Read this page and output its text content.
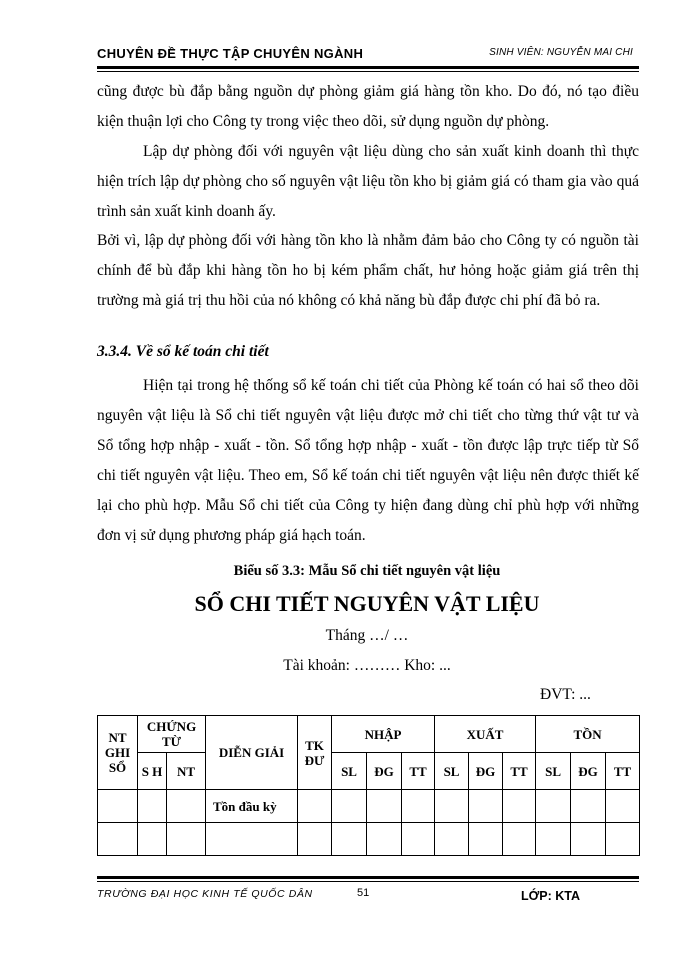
CHUYÊN ĐỀ THỰC TẬP CHUYÊN NGÀNH	SINH VIÊN: NGUYỄN MAI CHI

cũng được bù đắp bằng nguồn dự phòng giảm giá hàng tồn kho. Do đó, nó tạo điều kiện thuận lợi cho Công ty trong việc theo dõi, sử dụng nguồn dự phòng.

Lập dự phòng đối với nguyên vật liệu dùng cho sản xuất kinh doanh thì thực hiện trích lập dự phòng cho số nguyên vật liệu tồn kho bị giảm giá có tham gia vào quá trình sản xuất kinh doanh ấy.

Bởi vì, lập dự phòng đối với hàng tồn kho là nhằm đảm bảo cho Công ty có nguồn tài chính để bù đắp khi hàng tồn ho bị kém phẩm chất, hư hỏng hoặc giảm giá trên thị trường mà giá trị thu hồi của nó không có khả năng bù đắp được chi phí đã bỏ ra.

3.3.4. Về sổ kế toán chi tiết

Hiện tại trong hệ thống sổ kế toán chi tiết của Phòng kế toán có hai sổ theo dõi nguyên vật liệu là Sổ chi tiết nguyên vật liệu được mở chi tiết cho từng thứ vật tư và Sổ tổng hợp nhập - xuất - tồn. Sổ tổng hợp nhập - xuất - tồn được lập trực tiếp từ Sổ chi tiết nguyên vật liệu. Theo em, Sổ kế toán chi tiết nguyên vật liệu nên được thiết kế lại cho phù hợp. Mẫu Sổ chi tiết của Công ty hiện đang dùng chỉ phù hợp với những đơn vị sử dụng phương pháp giá hạch toán.

Biểu số 3.3: Mẫu Sổ chi tiết nguyên vật liệu

SỔ CHI TIẾT NGUYÊN VẬT LIỆU

Tháng …/ …

Tài khoản: ……… Kho: ...

ĐVT: ...

NT GHI SỔ	CHỨNG TỪ		DIỄN GIẢI	TK ĐƯ	NHẬP			XUẤT			TỒN		
	S H	NT			SL	ĐG	TT	SL	ĐG	TT	SL	ĐG	TT
			Tồn đầu kỳ										

TRƯỜNG ĐẠI HỌC KINH TẾ QUỐC DÂN	51	LỚP: KTA
